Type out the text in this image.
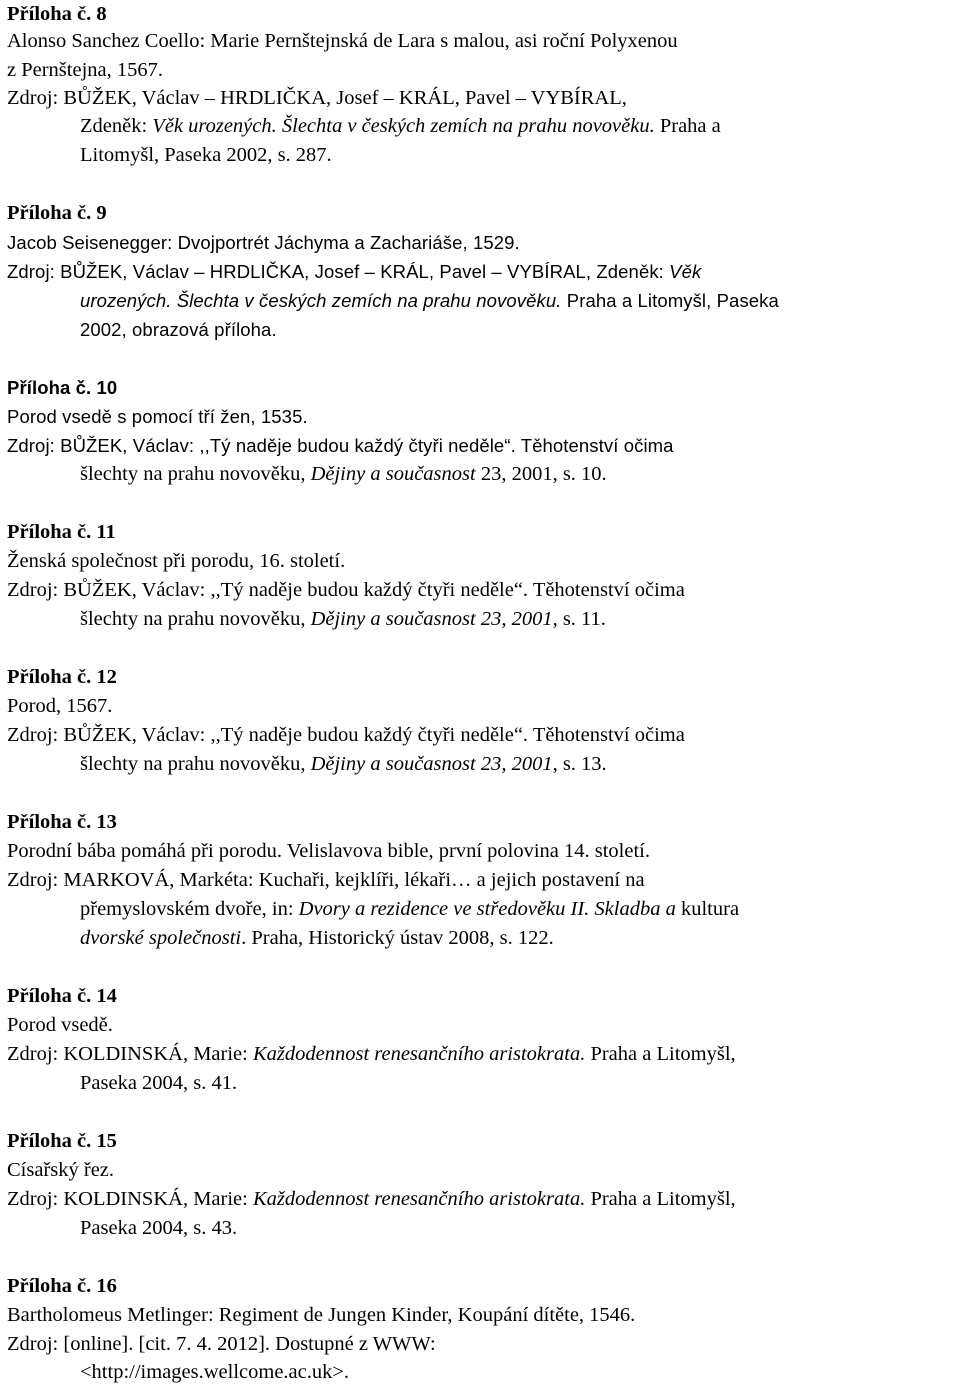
Příloha č. 8
Alonso Sanchez Coello: Marie Pernštejnská de Lara s malou, asi roční Polyxenou
z Pernštejna, 1567.
Zdroj: BŮŽEK, Václav – HRDLIČKA, Josef – KRÁL, Pavel – VYBÍRAL,
Zdeněk: Věk urozených. Šlechta v českých zemích na prahu novověku. Praha a
Litomyšl, Paseka 2002, s. 287.
Příloha č. 9
Jacob Seisenegger: Dvojportrét Jáchyma a Zachariáše, 1529.
Zdroj: BŮŽEK, Václav – HRDLIČKA, Josef – KRÁL, Pavel – VYBÍRAL, Zdeněk: Věk
urozených. Šlechta v českých zemích na prahu novověku. Praha a Litomyšl, Paseka
2002, obrazová příloha.
Příloha č. 10
Porod vsedě s pomocí tří žen, 1535.
Zdroj: BŮŽEK, Václav: ,,Tý naděje budou každý čtyři neděle“. Těhotenství očima
šlechty na prahu novověku, Dějiny a současnost 23, 2001, s. 10.
Příloha č. 11
Ženská společnost při porodu, 16. století.
Zdroj: BŮŽEK, Václav: ,,Tý naděje budou každý čtyři neděle“. Těhotenství očima
šlechty na prahu novověku, Dějiny a současnost 23, 2001, s. 11.
Příloha č. 12
Porod, 1567.
Zdroj: BŮŽEK, Václav: ,,Tý naděje budou každý čtyři neděle“. Těhotenství očima
šlechty na prahu novověku, Dějiny a současnost 23, 2001, s. 13.
Příloha č. 13
Porodní bába pomáhá při porodu. Velislavova bible, první polovina 14. století.
Zdroj: MARKOVÁ, Markéta: Kuchaři, kejklíři, lékaři… a jejich postavení na
přemyslovském dvoře, in: Dvory a rezidence ve středověku II. Skladba a kultura
dvorské společnosti. Praha, Historický ústav 2008, s. 122.
Příloha č. 14
Porod vsedě.
Zdroj: KOLDINSKÁ, Marie: Každodennost renesančního aristokrata. Praha a Litomyšl,
Paseka 2004, s. 41.
Příloha č. 15
Císařský řez.
Zdroj: KOLDINSKÁ, Marie: Každodennost renesančního aristokrata. Praha a Litomyšl,
Paseka 2004, s. 43.
Příloha č. 16
Bartholomeus Metlinger: Regiment de Jungen Kinder, Koupání dítěte, 1546.
Zdroj: [online]. [cit. 7. 4. 2012]. Dostupné z WWW:
<http://images.wellcome.ac.uk>.
